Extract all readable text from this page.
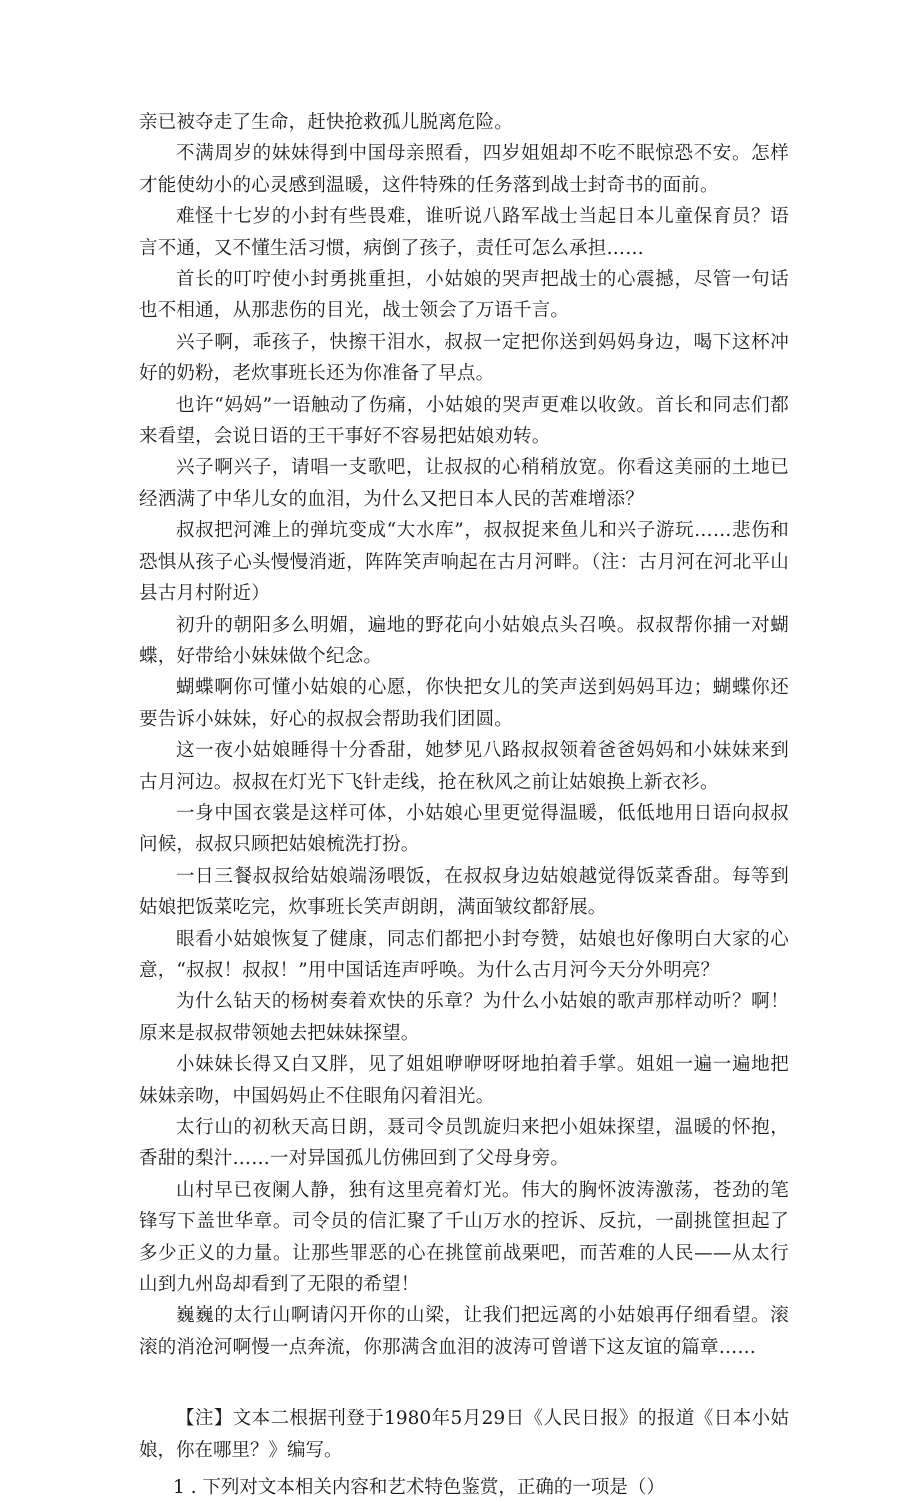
亲已被夺走了生命，赶快抢救孤儿脱离危险。

不满周岁的妹妹得到中国母亲照看，四岁姐姐却不吃不眠惊恐不安。怎样才能使幼小的心灵感到温暖，这件特殊的任务落到战士封奇书的面前。

难怪十七岁的小封有些畏难，谁听说八路军战士当起日本儿童保育员？语言不通，又不懂生活习惯，病倒了孩子，责任可怎么承担……

首长的叮咛使小封勇挑重担，小姑娘的哭声把战士的心震撼，尽管一句话也不相通，从那悲伤的目光，战士领会了万语千言。

兴子啊，乖孩子，快擦干泪水，叔叔一定把你送到妈妈身边，喝下这杯冲好的奶粉，老炊事班长还为你准备了早点。

也许“妈妈”一语触动了伤痛，小姑娘的哭声更难以收敛。首长和同志们都来看望，会说日语的王干事好不容易把姑娘劝转。

兴子啊兴子，请唱一支歌吧，让叔叔的心稍稍放宽。你看这美丽的土地已经洒满了中华儿女的血泪，为什么又把日本人民的苦难增添？

叔叔把河滩上的弹坑变成“大水库”，叔叔捉来鱼儿和兴子游玩……悲伤和恐惧从孩子心头慢慢消逝，阵阵笑声响起在古月河畔。（注：古月河在河北平山县古月村附近）

初升的朝阳多么明媚，遍地的野花向小姑娘点头召唤。叔叔帮你捕一对蝴蝶，好带给小妹妹做个纪念。

蝴蝶啊你可懂小姑娘的心愿，你快把女儿的笑声送到妈妈耳边；蝴蝶你还要告诉小妹妹，好心的叔叔会帮助我们团圆。

这一夜小姑娘睡得十分香甜，她梦见八路叔叔领着爸爸妈妈和小妹妹来到古月河边。叔叔在灯光下飞针走线，抢在秋风之前让姑娘换上新衣衫。

一身中国衣裳是这样可体，小姑娘心里更觉得温暖，低低地用日语向叔叔问候，叔叔只顾把姑娘梳洗打扮。

一日三餐叔叔给姑娘端汤喂饭，在叔叔身边姑娘越觉得饭菜香甜。每等到姑娘把饭菜吃完，炊事班长笑声朗朗，满面皱纹都舒展。

眼看小姑娘恢复了健康，同志们都把小封夸赞，姑娘也好像明白大家的心意，“叔叔！叔叔！”用中国话连声呼唤。为什么古月河今天分外明亮？

为什么钻天的杨树奏着欢快的乐章？为什么小姑娘的歌声那样动听？啊！原来是叔叔带领她去把妹妹探望。

小妹妹长得又白又胖，见了姐姐咿咿呀呀地拍着手掌。姐姐一遍一遍地把妹妹亲吻，中国妈妈止不住眼角闪着泪光。

太行山的初秋天高日朗，聂司令员凯旋归来把小姐妹探望，温暖的怀抱，香甜的梨汁……一对异国孤儿仿佛回到了父母身旁。

山村早已夜阑人静，独有这里亮着灯光。伟大的胸怀波涛激荡，苍劲的笔锋写下盖世华章。司令员的信汇聚了千山万水的控诉、反抗，一副挑筐担起了多少正义的力量。让那些罪恶的心在挑筐前战栗吧，而苦难的人民——从太行山到九州岛却看到了无限的希望！

巍巍的太行山啊请闪开你的山梁，让我们把远离的小姑娘再仔细看望。滚滚的消沧河啊慢一点奔流，你那满含血泪的波涛可曾谱下这友谊的篇章……

【注】文本二根据刊登于1980年5月29日《人民日报》的报道《日本小姑娘，你在哪里？》编写。

1 . 下列对文本相关内容和艺术特色鉴赏，正确的一项是（）
